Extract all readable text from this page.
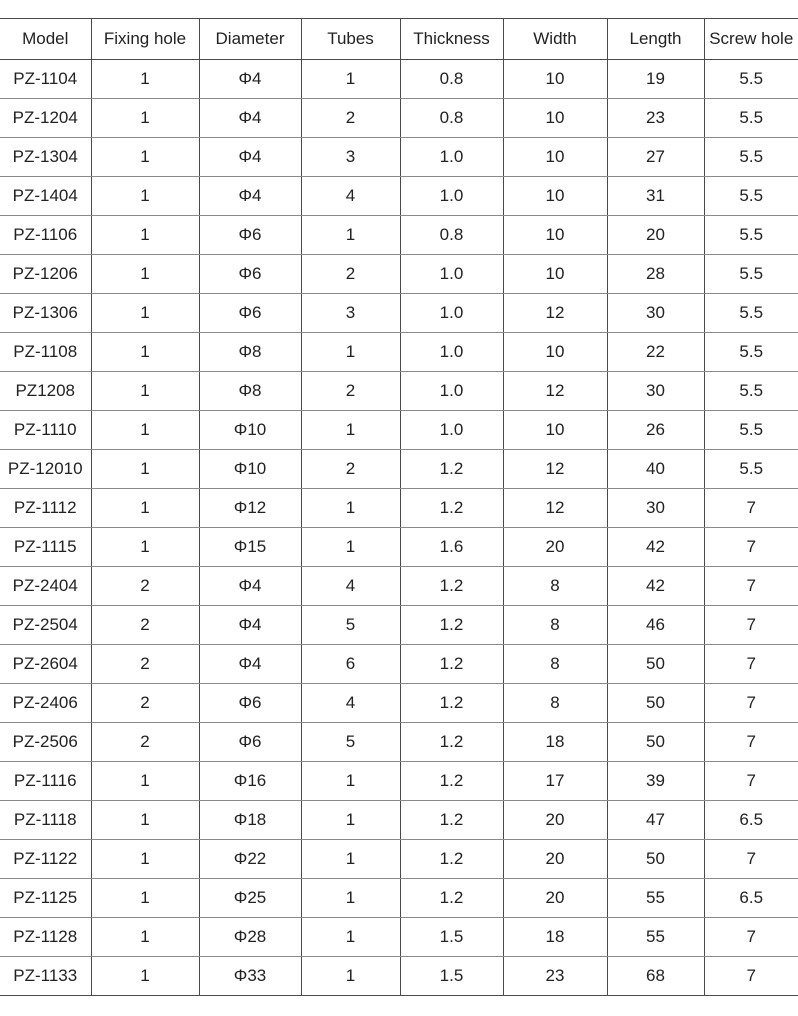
Model	Fixing hole	Diameter	Tubes	Thickness	Width	Length	Screw hole
PZ-1104	1	Φ4	1	0.8	10	19	5.5
PZ-1204	1	Φ4	2	0.8	10	23	5.5
PZ-1304	1	Φ4	3	1.0	10	27	5.5
PZ-1404	1	Φ4	4	1.0	10	31	5.5
PZ-1106	1	Φ6	1	0.8	10	20	5.5
PZ-1206	1	Φ6	2	1.0	10	28	5.5
PZ-1306	1	Φ6	3	1.0	12	30	5.5
PZ-1108	1	Φ8	1	1.0	10	22	5.5
PZ1208	1	Φ8	2	1.0	12	30	5.5
PZ-1110	1	Φ10	1	1.0	10	26	5.5
PZ-12010	1	Φ10	2	1.2	12	40	5.5
PZ-1112	1	Φ12	1	1.2	12	30	7
PZ-1115	1	Φ15	1	1.6	20	42	7
PZ-2404	2	Φ4	4	1.2	8	42	7
PZ-2504	2	Φ4	5	1.2	8	46	7
PZ-2604	2	Φ4	6	1.2	8	50	7
PZ-2406	2	Φ6	4	1.2	8	50	7
PZ-2506	2	Φ6	5	1.2	18	50	7
PZ-1116	1	Φ16	1	1.2	17	39	7
PZ-1118	1	Φ18	1	1.2	20	47	6.5
PZ-1122	1	Φ22	1	1.2	20	50	7
PZ-1125	1	Φ25	1	1.2	20	55	6.5
PZ-1128	1	Φ28	1	1.5	18	55	7
PZ-1133	1	Φ33	1	1.5	23	68	7
